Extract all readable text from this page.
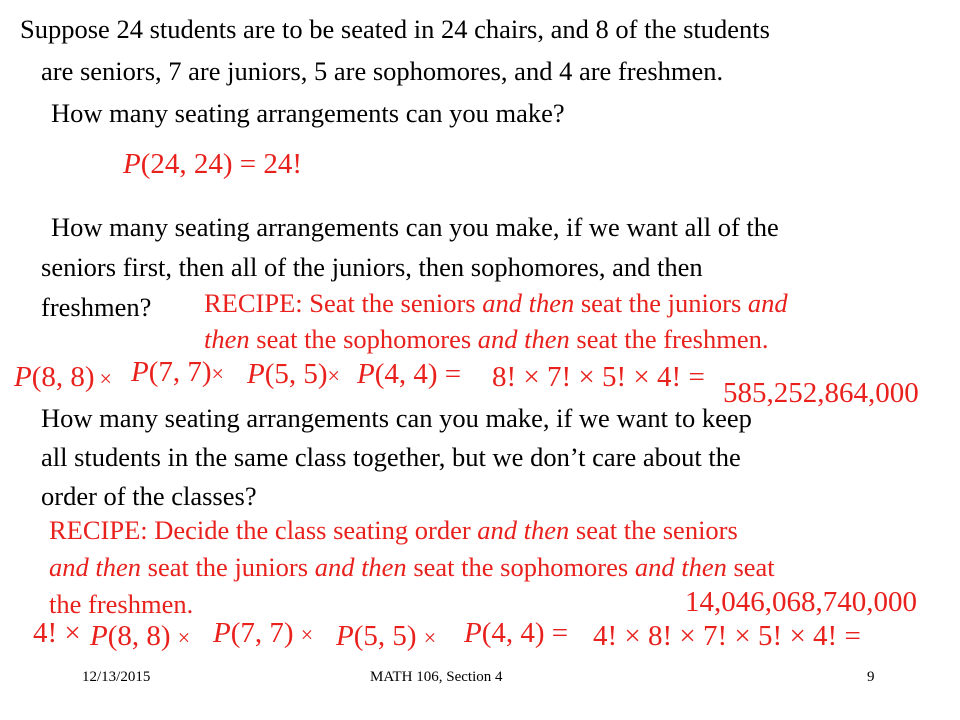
Suppose 24 students are to be seated in 24 chairs, and 8 of the students
are seniors, 7 are juniors, 5 are sophomores, and 4 are freshmen.
How many seating arrangements can you make?
P(24, 24) = 24!
How many seating arrangements can you make, if we want all of the
seniors first, then all of the juniors, then sophomores, and then
freshmen? RECIPE: Seat the seniors and then seat the juniors and
then seat the sophomores and then seat the freshmen.
P(8, 8) × P(7, 7)× P(5, 5)× P(4, 4) = 8! × 7! × 5! × 4! = 585,252,864,000
How many seating arrangements can you make, if we want to keep
all students in the same class together, but we don’t care about the
order of the classes?
RECIPE: Decide the class seating order and then seat the seniors
and then seat the juniors and then seat the sophomores and then seat
the freshmen.	14,046,068,740,000
4! × P(8, 8) × P(7, 7) × P(5, 5) × P(4, 4) = 4! × 8! × 7! × 5! × 4! =
12/13/2015	MATH 106, Section 4	9
